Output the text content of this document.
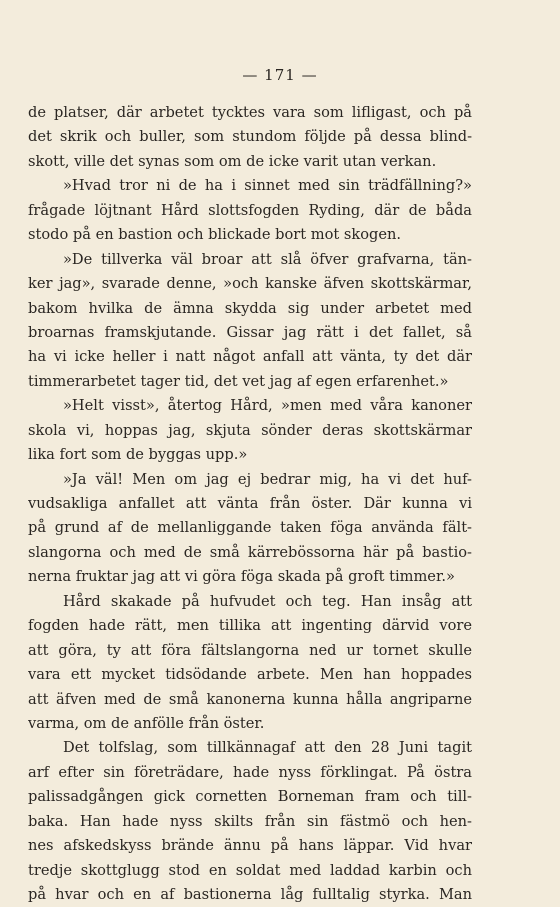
— 171 —
de platser, där arbetet tycktes vara som lifligast, och på
det skrik och buller, som stundom följde på dessa blind-
skott, ville det synas som om de icke varit utan verkan.
»Hvad tror ni de ha i sinnet med sin trädfällning?»
frågade löjtnant Hård slottsfogden Ryding, där de båda
stodo på en bastion och blickade bort mot skogen.
»De tillverka väl broar att slå öfver grafvarna, tän-
ker jag», svarade denne, »och kanske äfven skottskärmar,
bakom hvilka de ämna skydda sig under arbetet med
broarnas framskjutande. Gissar jag rätt i det fallet, så
ha vi icke heller i natt något anfall att vänta, ty det där
timmerarbetet tager tid, det vet jag af egen erfarenhet.»
»Helt visst», återtog Hård, »men med våra kanoner
skola vi, hoppas jag, skjuta sönder deras skottskärmar
lika fort som de byggas upp.»
»Ja väl! Men om jag ej bedrar mig, ha vi det huf-
vudsakliga anfallet att vänta från öster. Där kunna vi
på grund af de mellanliggande taken föga använda fält-
slangorna och med de små kärrebössorna här på bastio-
nerna fruktar jag att vi göra föga skada på groft timmer.»
Hård skakade på hufvudet och teg. Han insåg att
fogden hade rätt, men tillika att ingenting därvid vore
att göra, ty att föra fältslangorna ned ur tornet skulle
vara ett mycket tidsödande arbete. Men han hoppades
att äfven med de små kanonerna kunna hålla angriparne
varma, om de anfölle från öster.
Det tolfslag, som tillkännagaf att den 28 Juni tagit
arf efter sin företrädare, hade nyss förklingat. På östra
palissadgången gick cornetten Borneman fram och till-
baka. Han hade nyss skilts från sin fästmö och hen-
nes afskedskyss brände ännu på hans läppar. Vid hvar
tredje skottglugg stod en soldat med laddad karbin och
på hvar och en af bastionerna låg fulltalig styrka. Man
